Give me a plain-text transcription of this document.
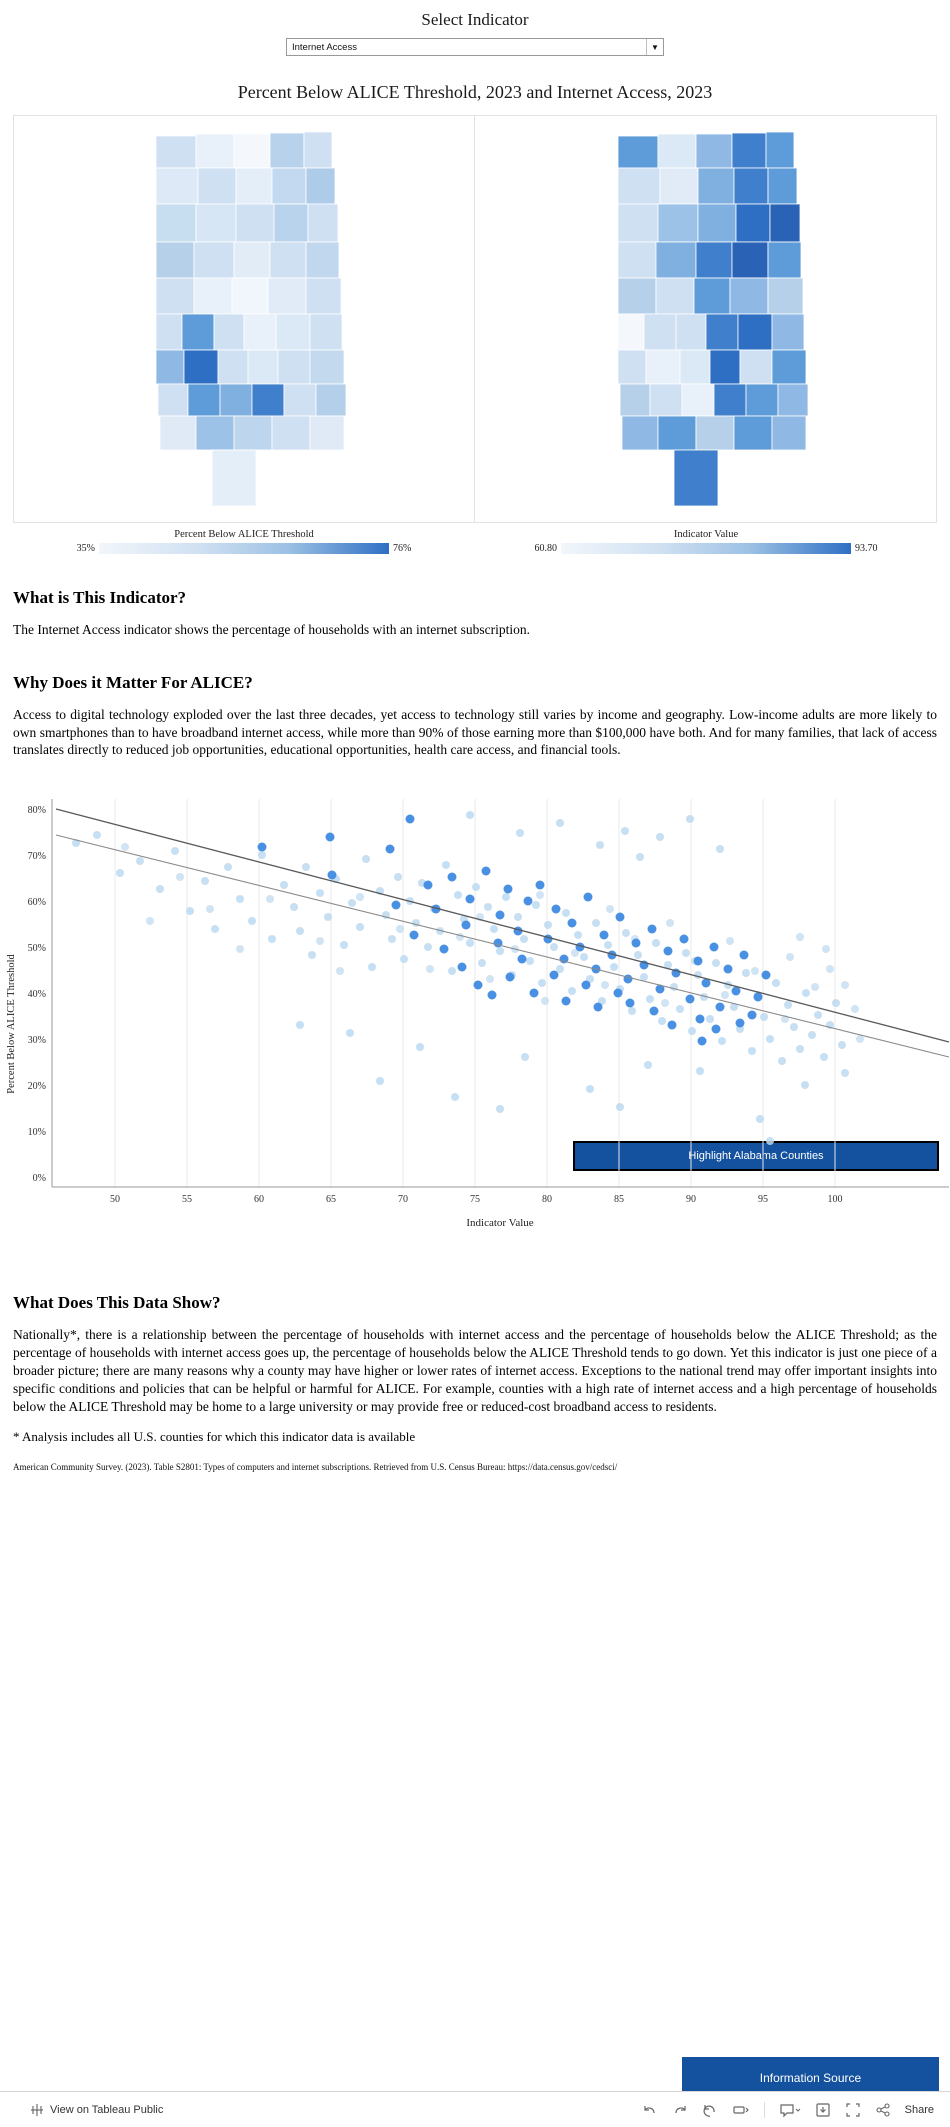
Select Indicator
Internet Access	▼
Percent Below ALICE Threshold, 2023 and Internet Access, 2023
Percent Below ALICE Threshold
35%	76%
Indicator Value
60.80	93.70
What is This Indicator?

The Internet Access indicator shows the percentage of households with an internet subscription.

Why Does it Matter For ALICE?

Access to digital technology exploded over the last three decades, yet access to technology still varies by income and geography. Low-income adults are more likely to own smartphones than to have broadband internet access, while more than 90% of those earning more than $100,000 have both. And for many families, that lack of access translates directly to reduced job opportunities, educational opportunities, health care access, and financial tools.

Highlight Alabama Counties
Percent Below ALICE Threshold
80%
70%
60%
50%
40%
30%
20%
10%
0%
50	55	60	65	70	75	80	85	90	95	100
Indicator Value
What Does This Data Show?

Nationally*, there is a relationship between the percentage of households with internet access and the percentage of households below the ALICE Threshold; as the percentage of households with internet access goes up, the percentage of households below the ALICE Threshold tends to go down. Yet this indicator is just one piece of a broader picture; there are many reasons why a county may have higher or lower rates of internet access. Exceptions to the national trend may offer important insights into specific conditions and policies that can be helpful or harmful for ALICE. For example, counties with a high rate of internet access and a high percentage of households below the ALICE Threshold may be home to a large university or may provide free or reduced-cost broadband access to residents.

* Analysis includes all U.S. counties for which this indicator data is available

American Community Survey. (2023). Table S2801: Types of computers and internet subscriptions. Retrieved from U.S. Census Bureau: https://data.census.gov/cedsci/

Information Source
View on Tableau Public	Share
